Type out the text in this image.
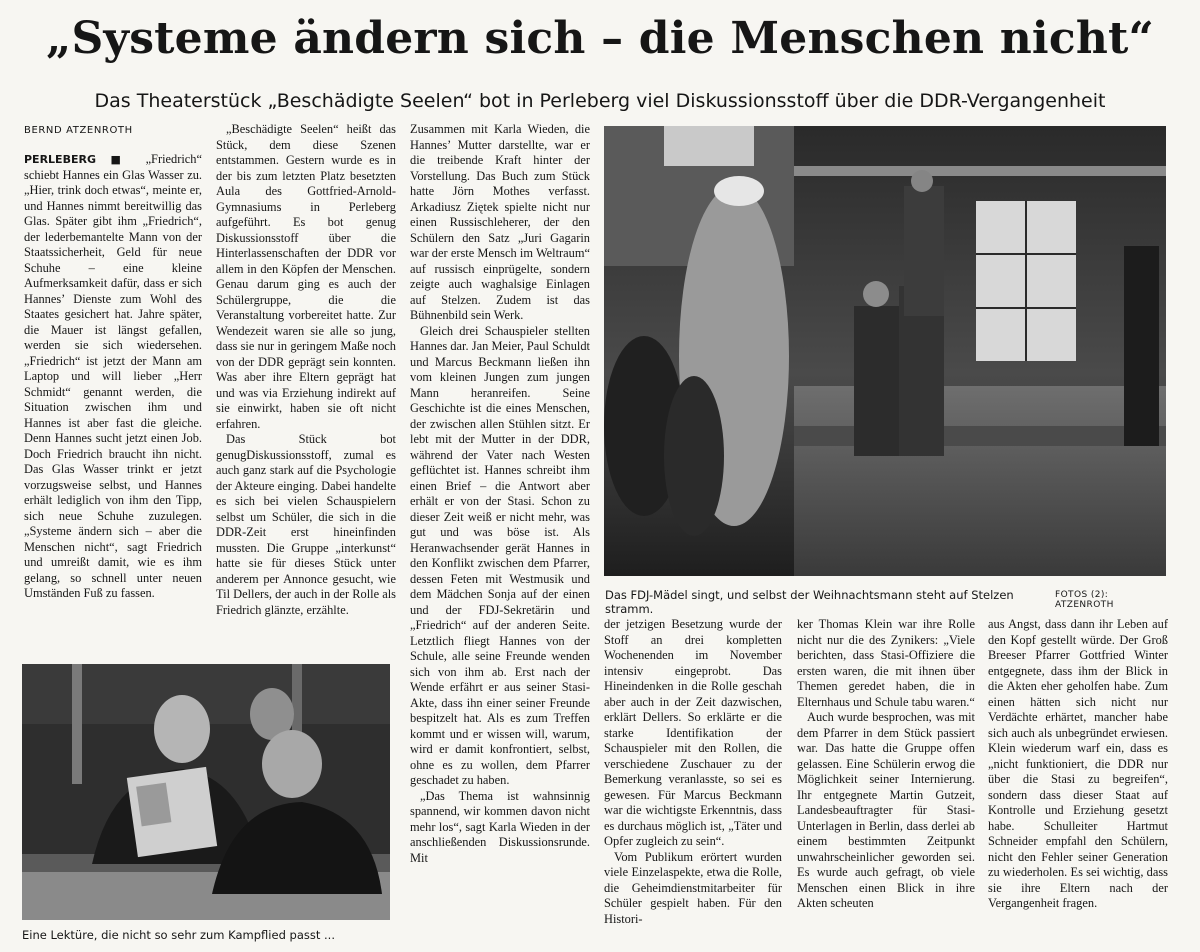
„Systeme ändern sich – die Menschen nicht“
Das Theaterstück „Beschädigte Seelen“ bot in Perleberg viel Diskussionsstoff über die DDR-Vergangenheit
BERND ATZENROTH

PERLEBERG ■ „Friedrich“ schiebt Hannes ein Glas Wasser zu. „Hier, trink doch etwas“, meinte er, und Hannes nimmt bereitwillig das Glas. Später gibt ihm „Friedrich“, der lederbemantelte Mann von der Staatssicherheit, Geld für neue Schuhe – eine kleine Aufmerksamkeit dafür, dass er sich Hannes’ Dienste zum Wohl des Staates gesichert hat. Jahre später, die Mauer ist längst gefallen, werden sie sich wiedersehen. „Friedrich“ ist jetzt der Mann am Laptop und will lieber „Herr Schmidt“ genannt werden, die Situation zwischen ihm und Hannes ist aber fast die gleiche. Denn Hannes sucht jetzt einen Job. Doch Friedrich braucht ihn nicht. Das Glas Wasser trinkt er jetzt vorzugsweise selbst, und Hannes erhält lediglich von ihm den Tipp, sich neue Schuhe zuzulegen. „Systeme ändern sich – aber die Menschen nicht“, sagt Friedrich und umreißt damit, wie es ihm gelang, so schnell unter neuen Umständen Fuß zu fassen.

„Beschädigte Seelen“ heißt das Stück, dem diese Szenen entstammen. Gestern wurde es in der bis zum letzten Platz besetzten Aula des Gottfried-Arnold-Gymnasiums in Perleberg aufgeführt. Es bot genug Diskussionsstoff über die Hinterlassenschaften der DDR vor allem in den Köpfen der Menschen. Genau darum ging es auch der Schülergruppe, die die Veranstaltung vorbereitet hatte. Zur Wendezeit waren sie alle so jung, dass sie nur in geringem Maße noch von der DDR geprägt sein konnten. Was aber ihre Eltern geprägt hat und was via Erziehung indirekt auf sie einwirkt, haben sie oft nicht erfahren.

Das Stück bot genugDiskussionsstoff, zumal es auch ganz stark auf die Psychologie der Akteure einging. Dabei handelte es sich bei vielen Schauspielern selbst um Schüler, die sich in die DDR-Zeit erst hineinfinden mussten. Die Gruppe „interkunst“ hatte sie für dieses Stück unter anderem per Annonce gesucht, wie Til Dellers, der auch in der Rolle als Friedrich glänzte, erzählte.

Zusammen mit Karla Wieden, die Hannes’ Mutter darstellte, war er die treibende Kraft hinter der Vorstellung. Das Buch zum Stück hatte Jörn Mothes verfasst. Arkadiusz Ziętek spielte nicht nur einen Russischleherer, der den Schülern den Satz „Juri Gagarin war der erste Mensch im Weltraum“ auf russisch einprügelte, sondern zeigte auch waghalsige Einlagen auf Stelzen. Zudem ist das Bühnenbild sein Werk.

Gleich drei Schauspieler stellten Hannes dar. Jan Meier, Paul Schuldt und Marcus Beckmann ließen ihn vom kleinen Jungen zum jungen Mann heranreifen. Seine Geschichte ist die eines Menschen, der zwischen allen Stühlen sitzt. Er lebt mit der Mutter in der DDR, während der Vater nach Westen geflüchtet ist. Hannes schreibt ihm einen Brief – die Antwort aber erhält er von der Stasi. Schon zu dieser Zeit weiß er nicht mehr, was gut und was böse ist. Als Heranwachsender gerät Hannes in den Konflikt zwischen dem Pfarrer, dessen Feten mit Westmusik und dem Mädchen Sonja auf der einen und der FDJ-Sekretärin und „Friedrich“ auf der anderen Seite. Letztlich fliegt Hannes von der Schule, alle seine Freunde wenden sich von ihm ab. Erst nach der Wende erfährt er aus seiner Stasi-Akte, dass ihn einer seiner Freunde bespitzelt hat. Als es zum Treffen kommt und er wissen will, warum, wird er damit konfrontiert, selbst, ohne es zu wollen, dem Pfarrer geschadet zu haben.

„Das Thema ist wahnsinnig spannend, wir kommen davon nicht mehr los“, sagt Karla Wieden in der anschließenden Diskussionsrunde. Mit

Das FDJ-Mädel singt, und selbst der Weihnachtsmann steht auf Stelzen stramm.
FOTOS (2): ATZENROTH
Eine Lektüre, die nicht so sehr zum Kampflied passt ...

der jetzigen Besetzung wurde der Stoff an drei kompletten Wochenenden im November intensiv eingeprobt. Das Hineindenken in die Rolle geschah aber auch in der Zeit dazwischen, erklärt Dellers. So erklärte er die starke Identifikation der Schauspieler mit den Rollen, die verschiedene Zuschauer zu der Bemerkung veranlasste, so sei es gewesen. Für Marcus Beckmann war die wichtigste Erkenntnis, dass es durchaus möglich ist, „Täter und Opfer zugleich zu sein“.

Vom Publikum erörtert wurden viele Einzelaspekte, etwa die Rolle, die Geheimdienstmitarbeiter für Schüler gespielt haben. Für den Histori-

ker Thomas Klein war ihre Rolle nicht nur die des Zynikers: „Viele berichten, dass Stasi-Offiziere die ersten waren, die mit ihnen über Themen geredet haben, die in Elternhaus und Schule tabu waren.“

Auch wurde besprochen, was mit dem Pfarrer in dem Stück passiert war. Das hatte die Gruppe offen gelassen. Eine Schülerin erwog die Möglichkeit seiner Internierung. Ihr entgegnete Martin Gutzeit, Landesbeauftragter für Stasi-Unterlagen in Berlin, dass derlei ab einem bestimmten Zeitpunkt unwahrscheinlicher geworden sei. Es wurde auch gefragt, ob viele Menschen einen Blick in ihre Akten scheuten

aus Angst, dass dann ihr Leben auf den Kopf gestellt würde. Der Groß Breeser Pfarrer Gottfried Winter entgegnete, dass ihm der Blick in die Akten eher geholfen habe. Zum einen hätten sich nicht nur Verdächte erhärtet, mancher habe sich auch als unbegründet erwiesen. Klein wiederum warf ein, dass es „nicht funktioniert, die DDR nur über die Stasi zu begreifen“, sondern dass dieser Staat auf Kontrolle und Erziehung gesetzt habe. Schulleiter Hartmut Schneider empfahl den Schülern, nicht den Fehler seiner Generation zu wiederholen. Es sei wichtig, dass sie ihre Eltern nach der Vergangenheit fragen.
